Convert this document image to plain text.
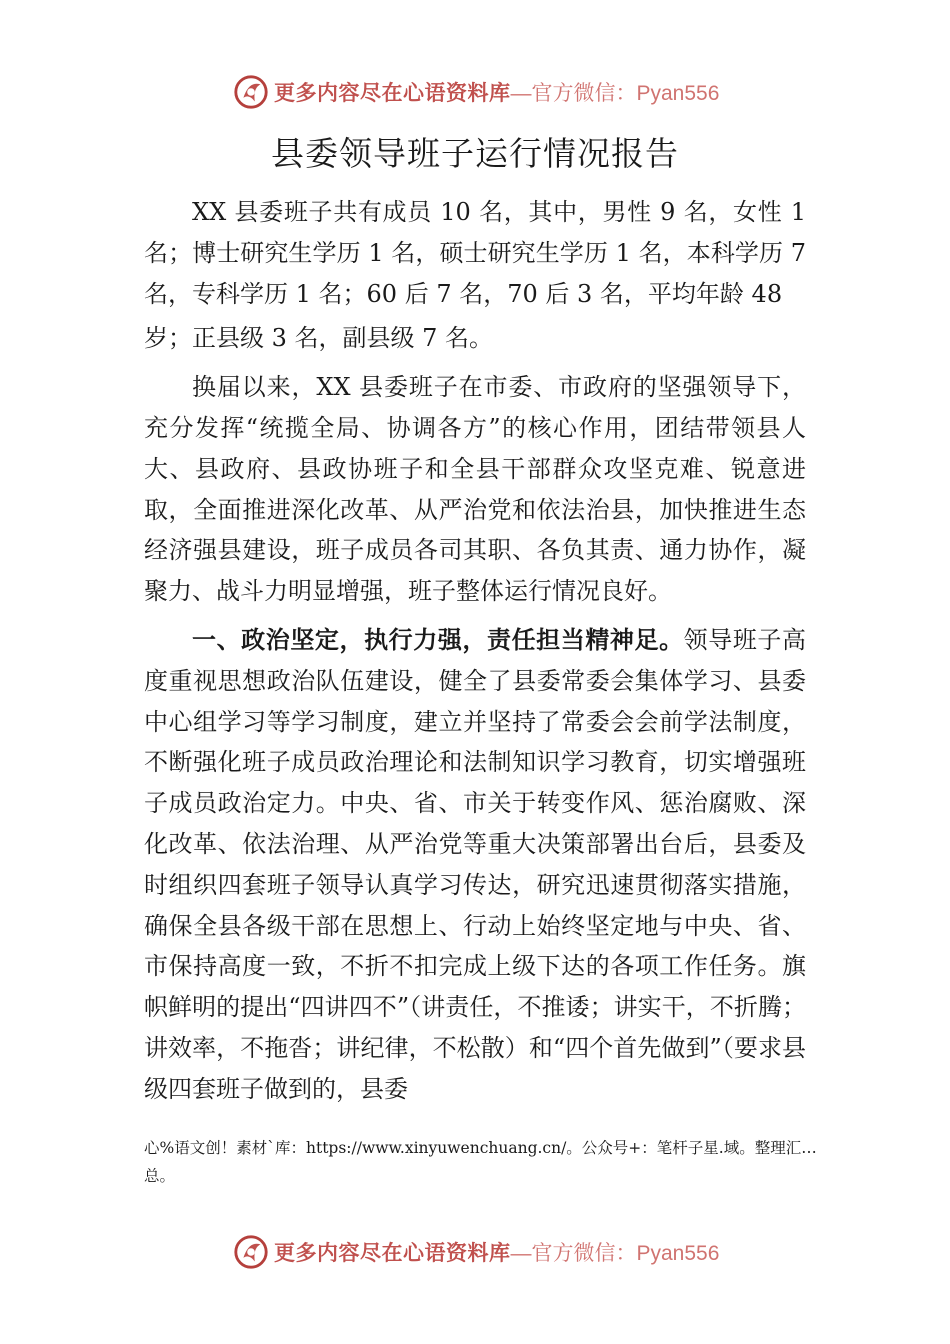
更多内容尽在心语资料库 —官方微信：Pyan556
县委领导班子运行情况报告

XX 县委班子共有成员 10 名，其中，男性 9 名，女性 1 名；博士研究生学历 1 名，硕士研究生学历 1 名，本科学历 7 名，专科学历 1 名；60 后 7 名，70 后 3 名，平均年龄 48

岁；正县级 3 名，副县级 7 名。

换届以来，XX 县委班子在市委、市政府的坚强领导下，充分发挥“统揽全局、协调各方”的核心作用，团结带领县人大、县政府、县政协班子和全县干部群众攻坚克难、锐意进取，全面推进深化改革、从严治党和依法治县，加快推进生态经济强县建设，班子成员各司其职、各负其责、通力协作，凝聚力、战斗力明显增强，班子整体运行情况良好。

一、政治坚定，执行力强，责任担当精神足。领导班子高度重视思想政治队伍建设，健全了县委常委会集体学习、县委中心组学习等学习制度，建立并坚持了常委会会前学法制度，不断强化班子成员政治理论和法制知识学习教育，切实增强班子成员政治定力。中央、省、市关于转变作风、惩治腐败、深化改革、依法治理、从严治党等重大决策部署出台后，县委及时组织四套班子领导认真学习传达，研究迅速贯彻落实措施，确保全县各级干部在思想上、行动上始终坚定地与中央、省、市保持高度一致，不折不扣完成上级下达的各项工作任务。旗帜鲜明的提出“四讲四不”（讲责任，不推诿；讲实干，不折腾；讲效率，不拖沓；讲纪律，不松散）和“四个首先做到”（要求县级四套班子做到的，县委

心%语文创！素材`库：https://www.xinyuwenchuang.cn/。公众号+：笔杆子星.域。整理汇…总。
更多内容尽在心语资料库 —官方微信：Pyan556
